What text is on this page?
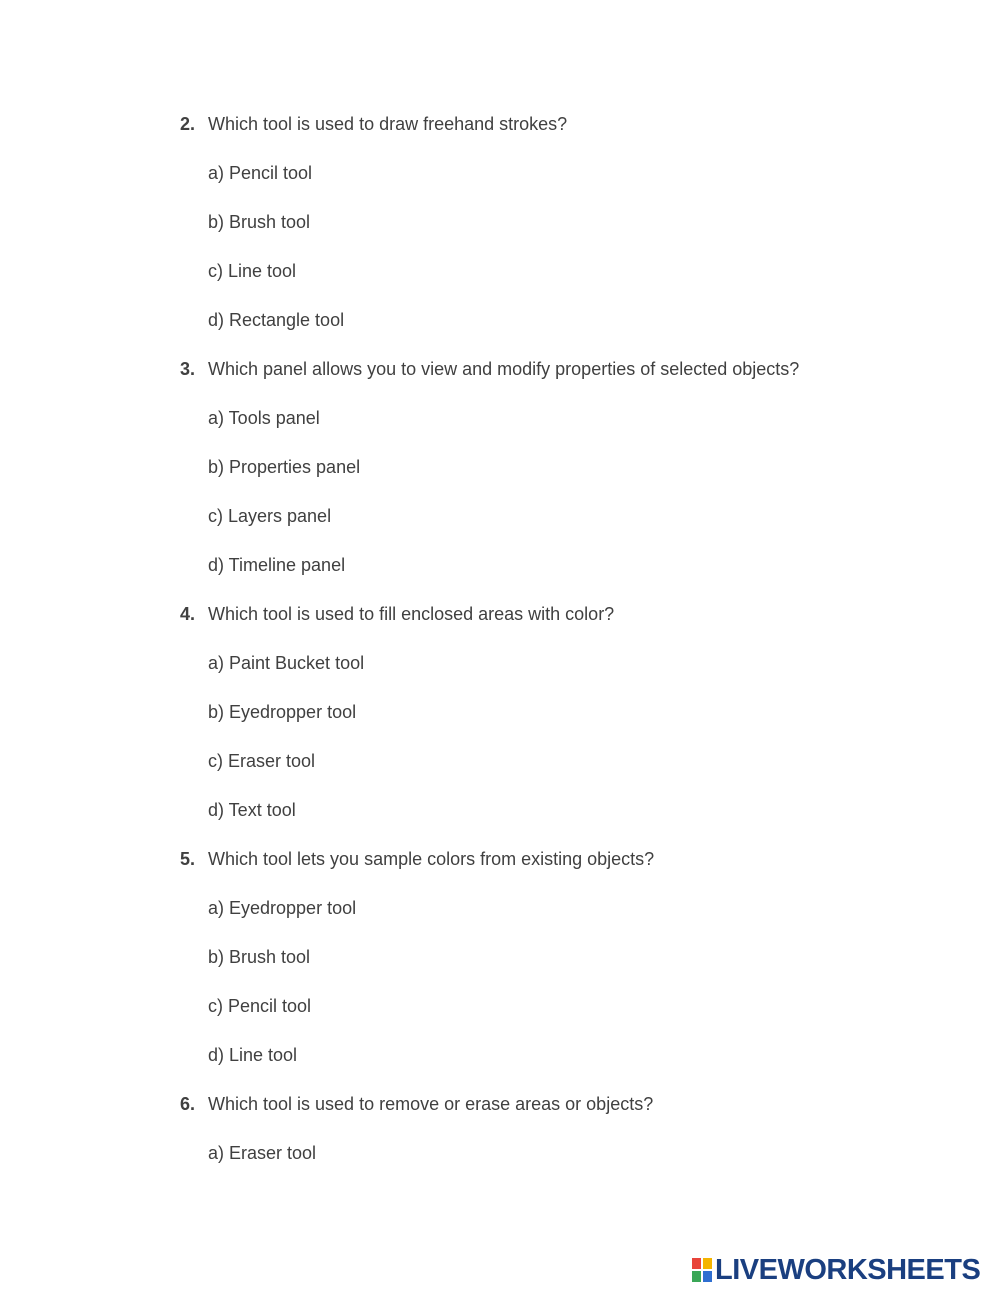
2. Which tool is used to draw freehand strokes?
a) Pencil tool
b) Brush tool
c) Line tool
d) Rectangle tool
3. Which panel allows you to view and modify properties of selected objects?
a) Tools panel
b) Properties panel
c) Layers panel
d) Timeline panel
4. Which tool is used to fill enclosed areas with color?
a) Paint Bucket tool
b) Eyedropper tool
c) Eraser tool
d) Text tool
5. Which tool lets you sample colors from existing objects?
a) Eyedropper tool
b) Brush tool
c) Pencil tool
d) Line tool
6. Which tool is used to remove or erase areas or objects?
a) Eraser tool
LIVEWORKSHEETS
